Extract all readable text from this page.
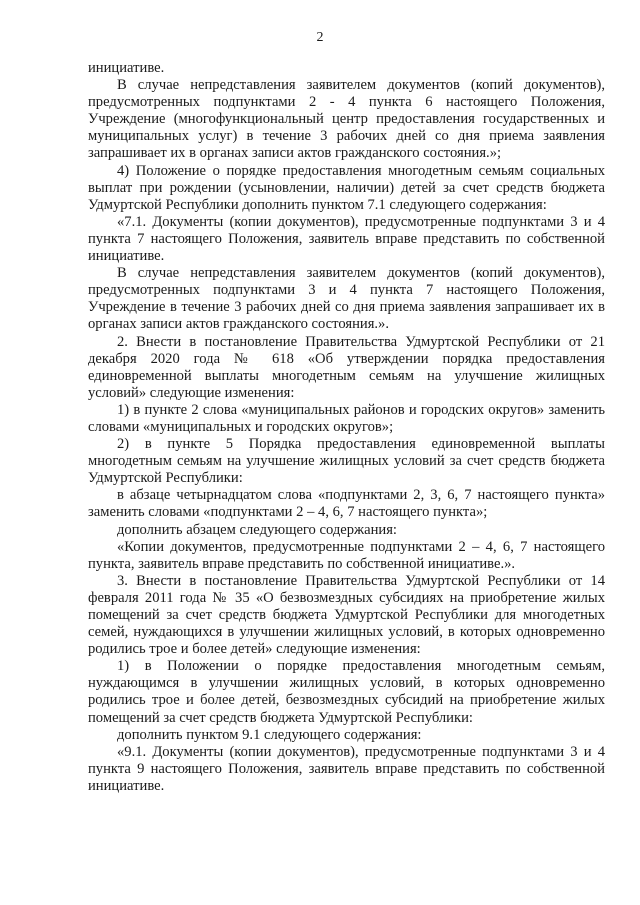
2

инициативе.

В случае непредставления заявителем документов (копий документов), предусмотренных подпунктами 2 - 4 пункта 6 настоящего Положения, Учреждение (многофункциональный центр предоставления государственных и муниципальных услуг) в течение 3 рабочих дней со дня приема заявления запрашивает их в органах записи актов гражданского состояния.»;

4) Положение о порядке предоставления многодетным семьям социальных выплат при рождении (усыновлении, наличии) детей за счет средств бюджета Удмуртской Республики дополнить пунктом 7.1 следующего содержания:

«7.1. Документы (копии документов), предусмотренные подпунктами 3 и 4 пункта 7 настоящего Положения, заявитель вправе представить по собственной инициативе.

В случае непредставления заявителем документов (копий документов), предусмотренных подпунктами 3 и 4 пункта 7 настоящего Положения, Учреждение в течение 3 рабочих дней со дня приема заявления запрашивает их в органах записи актов гражданского состояния.».

2. Внести в постановление Правительства Удмуртской Республики от 21 декабря 2020 года № 618 «Об утверждении порядка предоставления единовременной выплаты многодетным семьям на улучшение жилищных условий» следующие изменения:

1) в пункте 2 слова «муниципальных районов и городских округов» заменить словами «муниципальных и городских округов»;

2) в пункте 5 Порядка предоставления единовременной выплаты многодетным семьям на улучшение жилищных условий за счет средств бюджета Удмуртской Республики:

в абзаце четырнадцатом слова «подпунктами 2, 3, 6, 7 настоящего пункта» заменить словами «подпунктами 2 – 4, 6, 7 настоящего пункта»;

дополнить абзацем следующего содержания:

«Копии документов, предусмотренные подпунктами 2 – 4, 6, 7 настоящего пункта, заявитель вправе представить по собственной инициативе.».

3. Внести в постановление Правительства Удмуртской Республики от 14 февраля 2011 года № 35 «О безвозмездных субсидиях на приобретение жилых помещений за счет средств бюджета Удмуртской Республики для многодетных семей, нуждающихся в улучшении жилищных условий, в которых одновременно родились трое и более детей» следующие изменения:

1) в Положении о порядке предоставления многодетным семьям, нуждающимся в улучшении жилищных условий, в которых одновременно родились трое и более детей, безвозмездных субсидий на приобретение жилых помещений за счет средств бюджета Удмуртской Республики:

дополнить пунктом 9.1 следующего содержания:

«9.1. Документы (копии документов), предусмотренные подпунктами 3 и 4 пункта 9 настоящего Положения, заявитель вправе представить по собственной инициативе.
